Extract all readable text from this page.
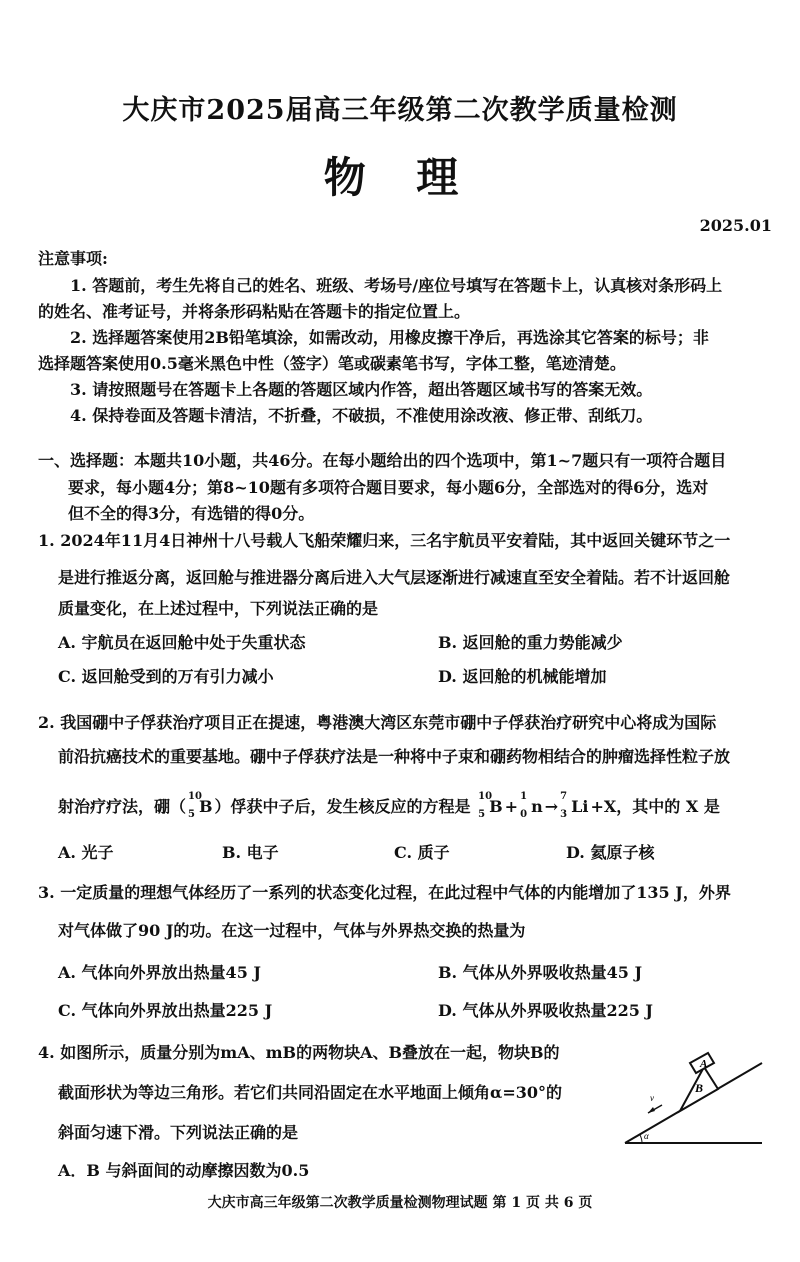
大庆市2025届高三年级第二次教学质量检测
物 理
2025.01
注意事项:
1. 答题前，考生先将自己的姓名、班级、考场号/座位号填写在答题卡上，认真核对条形码上
的姓名、准考证号，并将条形码粘贴在答题卡的指定位置上。
2. 选择题答案使用2B铅笔填涂，如需改动，用橡皮擦干净后，再选涂其它答案的标号；非
选择题答案使用0.5毫米黑色中性（签字）笔或碳素笔书写，字体工整，笔迹清楚。
3. 请按照题号在答题卡上各题的答题区域内作答，超出答题区域书写的答案无效。
4. 保持卷面及答题卡清洁，不折叠，不破损，不准使用涂改液、修正带、刮纸刀。
一、选择题：本题共10小题，共46分。在每小题给出的四个选项中，第1~7题只有一项符合题目
要求，每小题4分；第8~10题有多项符合题目要求，每小题6分，全部选对的得6分，选对
但不全的得3分，有选错的得0分。
1. 2024年11月4日神州十八号载人飞船荣耀归来，三名宇航员平安着陆，其中返回关键环节之一
是进行推返分离，返回舱与推进器分离后进入大气层逐渐进行减速直至安全着陆。若不计返回舱
质量变化，在上述过程中，下列说法正确的是
A. 宇航员在返回舱中处于失重状态	B. 返回舱的重力势能减少
C. 返回舱受到的万有引力减小	D. 返回舱的机械能增加
2. 我国硼中子俘获治疗项目正在提速，粤港澳大湾区东莞市硼中子俘获治疗研究中心将成为国际
前沿抗癌技术的重要基地。硼中子俘获疗法是一种将中子束和硼药物相结合的肿瘤选择性粒子放
射治疗疗法，硼（
10
5 B ）俘获中子后，发生核反应的方程是
10
5 B +
1
0 n →
7
3 Li +X，其中的 X 是
A. 光子	B. 电子	C. 质子	D. 氦原子核
3. 一定质量的理想气体经历了一系列的状态变化过程，在此过程中气体的内能增加了135 J，外界
对气体做了90 J的功。在这一过程中，气体与外界热交换的热量为
A. 气体向外界放出热量45 J	B. 气体从外界吸收热量45 J
C. 气体向外界放出热量225 J	D. 气体从外界吸收热量225 J
4. 如图所示，质量分别为mA、mB的两物块A、B叠放在一起，物块B的
截面形状为等边三角形。若它们共同沿固定在水平地面上倾角α=30°的
斜面匀速下滑。下列说法正确的是
A．B 与斜面间的动摩擦因数为0.5
A
B
v
α
大庆市高三年级第二次教学质量检测物理试题 第 1 页 共 6 页
